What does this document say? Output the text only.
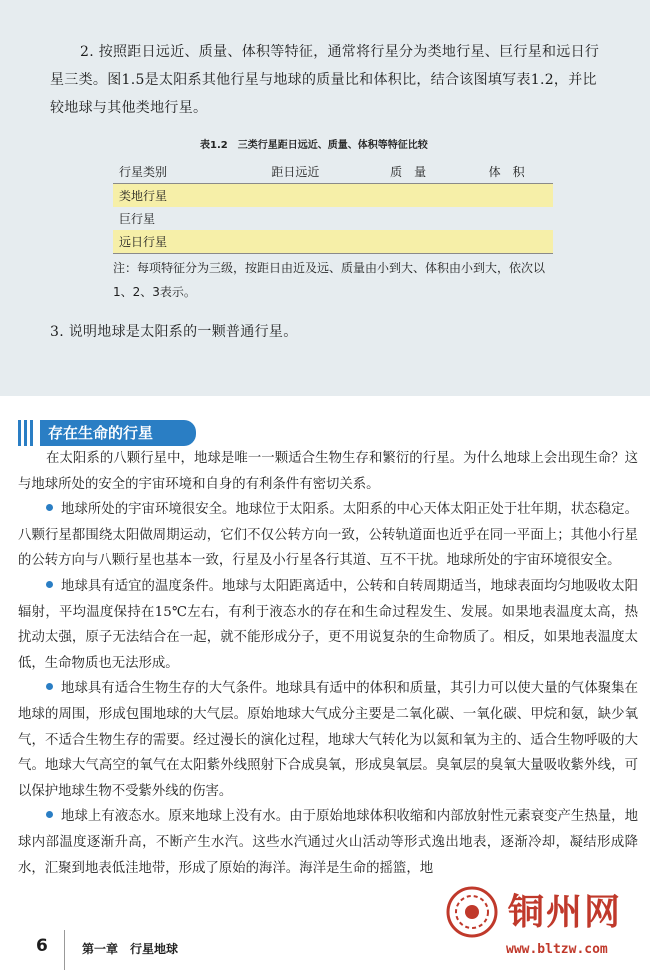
2. 按照距日远近、质量、体积等特征，通常将行星分为类地行星、巨行星和远日行星三类。图1.5是太阳系其他行星与地球的质量比和体积比，结合该图填写表1.2，并比较地球与其他类地行星。
表1.2　三类行星距日远近、质量、体积等特征比较
行星类别	距日远近	质　量	体　积
类地行星			
巨行星			
远日行星			
注：每项特征分为三级，按距日由近及远、质量由小到大、体积由小到大，依次以1、2、3表示。
3. 说明地球是太阳系的一颗普通行星。
存在生命的行星

在太阳系的八颗行星中，地球是唯一一颗适合生物生存和繁衍的行星。为什么地球上会出现生命？这与地球所处的安全的宇宙环境和自身的有利条件有密切关系。

地球所处的宇宙环境很安全。地球位于太阳系。太阳系的中心天体太阳正处于壮年期，状态稳定。八颗行星都围绕太阳做周期运动，它们不仅公转方向一致，公转轨道面也近乎在同一平面上；其他小行星的公转方向与八颗行星也基本一致，行星及小行星各行其道、互不干扰。地球所处的宇宙环境很安全。

地球具有适宜的温度条件。地球与太阳距离适中，公转和自转周期适当，地球表面均匀地吸收太阳辐射，平均温度保持在15℃左右，有利于液态水的存在和生命过程发生、发展。如果地表温度太高，热扰动太强，原子无法结合在一起，就不能形成分子，更不用说复杂的生命物质了。相反，如果地表温度太低，生命物质也无法形成。

地球具有适合生物生存的大气条件。地球具有适中的体积和质量，其引力可以使大量的气体聚集在地球的周围，形成包围地球的大气层。原始地球大气成分主要是二氧化碳、一氧化碳、甲烷和氨，缺少氧气，不适合生物生存的需要。经过漫长的演化过程，地球大气转化为以氮和氧为主的、适合生物呼吸的大气。地球大气高空的氧气在太阳紫外线照射下合成臭氧，形成臭氧层。臭氧层的臭氧大量吸收紫外线，可以保护地球生物不受紫外线的伤害。

地球上有液态水。原来地球上没有水。由于原始地球体积收缩和内部放射性元素衰变产生热量，地球内部温度逐渐升高，不断产生水汽。这些水汽通过火山活动等形式逸出地表，逐渐冷却，凝结形成降水，汇聚到地表低洼地带，形成了原始的海洋。海洋是生命的摇篮，地

6	第一章　行星地球
铜州网
www.bltzw.com
